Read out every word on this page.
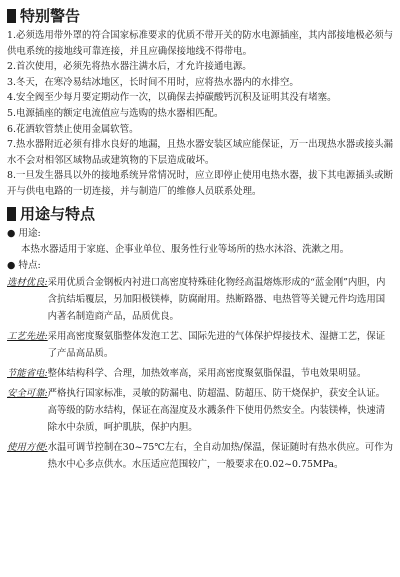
特别警告
1.必须选用带外罩的符合国家标准要求的优质不带开关的防水电源插座，其内部接地极必须与供电系统的接地线可靠连接，并且应确保接地线不得带电。
2.首次使用，必须先将热水器注满水后，才允许接通电源。
3.冬天，在寒冷易结冰地区，长时间不用时，应将热水器内的水排空。
4.安全阀至少每月要定期动作一次，以确保去掉碳酸钙沉积及证明其没有堵塞。
5.电源插座的额定电流值应与选购的热水器相匹配。
6.花洒软管禁止使用金属软管。
7.热水器附近必须有排水良好的地漏，且热水器安装区域应能保证，万一出现热水器或接头漏水不会对相邻区域物品或建筑物的下层造成破坏。
8.一旦发生器具以外的接地系统异常情况时，应立即停止使用电热水器，拔下其电源插头或断开与供电电路的一切连接，并与制造厂的维修人员联系处理。
用途与特点
● 用途:
本热水器适用于家庭、企事业单位、服务性行业等场所的热水沐浴、洗漱之用。
● 特点:
选材优良: 采用优质合金钢板内衬进口高密度特殊硅化物经高温熔炼形成的“蓝金刚”内胆，内含抗结垢覆层，另加阳极镁棒，防腐耐用。热断路器、电热管等关键元件均选用国内著名制造商产品，品质优良。
工艺先进: 采用高密度聚氨脂整体发泡工艺、国际先进的气体保护焊接技术、湿搪工艺，保证了产品高品质。
节能省电: 整体结构科学、合理，加热效率高，采用高密度聚氨脂保温，节电效果明显。
安全可靠: 严格执行国家标准，灵敏的防漏电、防超温、防超压、防干烧保护，获安全认证。高等级的防水结构，保证在高湿度及水溅条件下使用仍然安全。内装镁棒，快速清除水中杂质，呵护肌肤，保护内胆。
使用方便: 水温可调节控制在30~75℃左右，全自动加热/保温，保证随时有热水供应。可作为热水中心多点供水。水压适应范围较广，一般要求在0.02~0.75MPa。
